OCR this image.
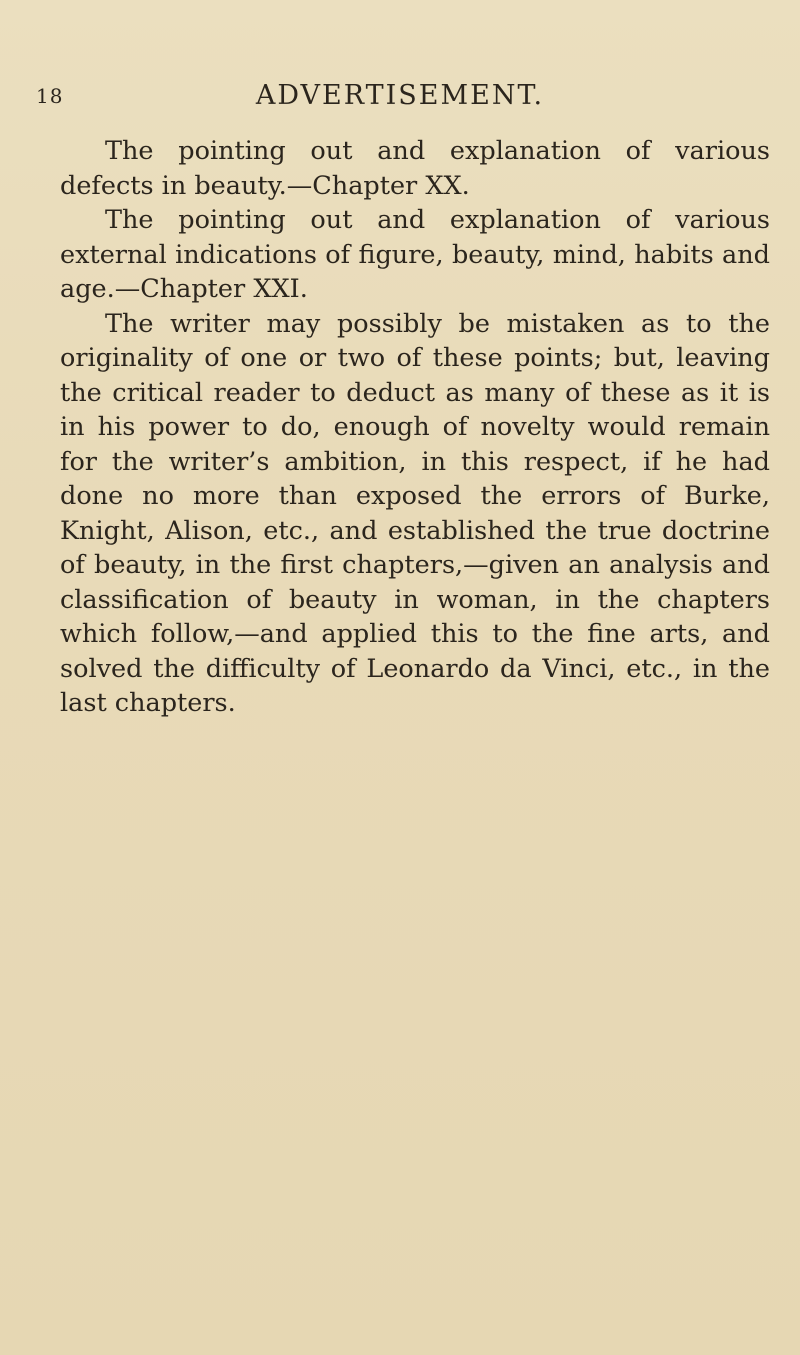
18	ADVERTISEMENT.

The pointing out and explanation of various defects in beauty.—Chapter XX.

The pointing out and explanation of various external indications of figure, beauty, mind, habits and age.—Chapter XXI.

The writer may possibly be mistaken as to the originality of one or two of these points; but, leaving the critical reader to deduct as many of these as it is in his power to do, enough of novelty would remain for the writer’s ambition, in this respect, if he had done no more than exposed the errors of Burke, Knight, Alison, etc., and established the true doctrine of beauty, in the first chapters,—given an analysis and classification of beauty in woman, in the chapters which follow,—and applied this to the fine arts, and solved the difficulty of Leonardo da Vinci, etc., in the last chapters.
